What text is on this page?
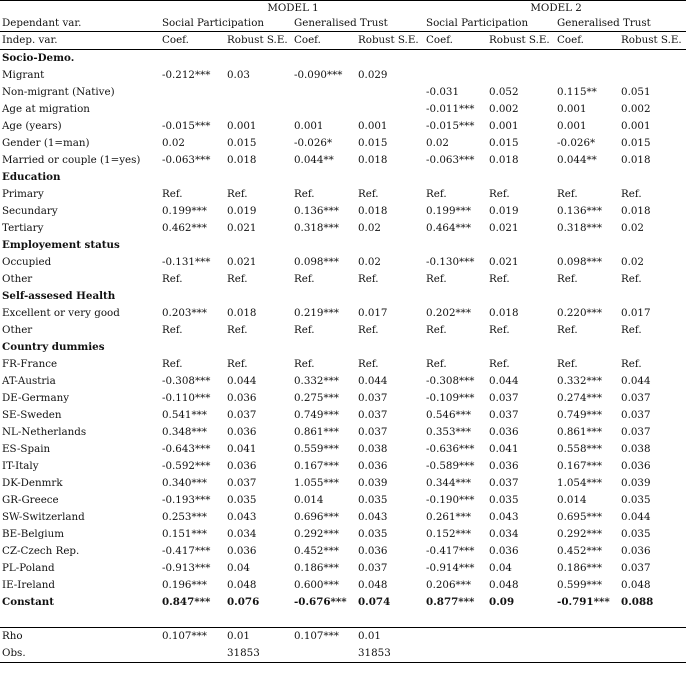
	MODEL 1				MODEL 2			
Dependant var.	Social Participation		Generalised Trust		Social Participation		Generalised Trust	
Indep. var.	Coef.	Robust S.E.	Coef.	Robust S.E.	Coef.	Robust S.E.	Coef.	Robust S.E.
Socio-Demo.								
Migrant	-0.212***	0.03	-0.090***	0.029				
Non-migrant (Native)					-0.031	0.052	0.115**	0.051
Age at migration					-0.011***	0.002	0.001	0.002
Age (years)	-0.015***	0.001	0.001	0.001	-0.015***	0.001	0.001	0.001
Gender (1=man)	0.02	0.015	-0.026*	0.015	0.02	0.015	-0.026*	0.015
Married or couple (1=yes)	-0.063***	0.018	0.044**	0.018	-0.063***	0.018	0.044**	0.018
Education								
Primary	Ref.	Ref.	Ref.	Ref.	Ref.	Ref.	Ref.	Ref.
Secundary	0.199***	0.019	0.136***	0.018	0.199***	0.019	0.136***	0.018
Tertiary	0.462***	0.021	0.318***	0.02	0.464***	0.021	0.318***	0.02
Employement status								
Occupied	-0.131***	0.021	0.098***	0.02	-0.130***	0.021	0.098***	0.02
Other	Ref.	Ref.	Ref.	Ref.	Ref.	Ref.	Ref.	Ref.
Self-assesed Health								
Excellent or very good	0.203***	0.018	0.219***	0.017	0.202***	0.018	0.220***	0.017
Other	Ref.	Ref.	Ref.	Ref.	Ref.	Ref.	Ref.	Ref.
Country dummies								
FR-France	Ref.	Ref.	Ref.	Ref.	Ref.	Ref.	Ref.	Ref.
AT-Austria	-0.308***	0.044	0.332***	0.044	-0.308***	0.044	0.332***	0.044
DE-Germany	-0.110***	0.036	0.275***	0.037	-0.109***	0.037	0.274***	0.037
SE-Sweden	0.541***	0.037	0.749***	0.037	0.546***	0.037	0.749***	0.037
NL-Netherlands	0.348***	0.036	0.861***	0.037	0.353***	0.036	0.861***	0.037
ES-Spain	-0.643***	0.041	0.559***	0.038	-0.636***	0.041	0.558***	0.038
IT-Italy	-0.592***	0.036	0.167***	0.036	-0.589***	0.036	0.167***	0.036
DK-Denmrk	0.340***	0.037	1.055***	0.039	0.344***	0.037	1.054***	0.039
GR-Greece	-0.193***	0.035	0.014	0.035	-0.190***	0.035	0.014	0.035
SW-Switzerland	0.253***	0.043	0.696***	0.043	0.261***	0.043	0.695***	0.044
BE-Belgium	0.151***	0.034	0.292***	0.035	0.152***	0.034	0.292***	0.035
CZ-Czech Rep.	-0.417***	0.036	0.452***	0.036	-0.417***	0.036	0.452***	0.036
PL-Poland	-0.913***	0.04	0.186***	0.037	-0.914***	0.04	0.186***	0.037
IE-Ireland	0.196***	0.048	0.600***	0.048	0.206***	0.048	0.599***	0.048
Constant	0.847***	0.076	-0.676***	0.074	0.877***	0.09	-0.791***	0.088

Rho	0.107***	0.01	0.107***	0.01				
Obs.		31853		31853				
